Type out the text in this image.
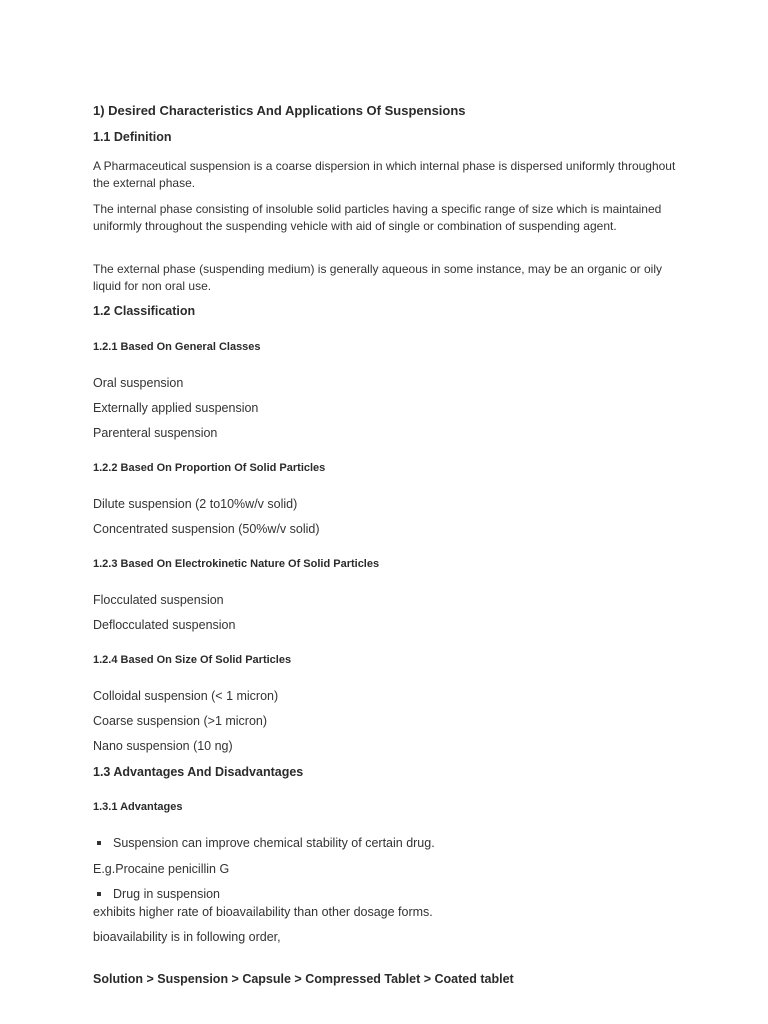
1) Desired Characteristics And Applications Of Suspensions
1.1 Definition

A Pharmaceutical suspension is a coarse dispersion in which internal phase is dispersed uniformly throughout the external phase.

The internal phase consisting of insoluble solid particles having a specific range of size which is maintained uniformly throughout the suspending vehicle with aid of single or combination of suspending agent.

The external phase (suspending medium) is generally aqueous in some instance, may be an organic or oily liquid for non oral use.

1.2 Classification
1.2.1 Based On General Classes
Oral suspension
Externally applied suspension
Parenteral suspension
1.2.2 Based On Proportion Of Solid Particles
Dilute suspension (2 to10%w/v solid)
Concentrated suspension (50%w/v solid)
1.2.3 Based On Electrokinetic Nature Of Solid Particles
Flocculated suspension
Deflocculated suspension
1.2.4 Based On Size Of Solid Particles
Colloidal suspension (< 1 micron)
Coarse suspension (>1 micron)
Nano suspension (10 ng)
1.3 Advantages And Disadvantages
1.3.1 Advantages
Suspension can improve chemical stability of certain drug.
E.g.Procaine penicillin G
Drug in suspension
exhibits higher rate of bioavailability than other dosage forms.
bioavailability is in following order,
Solution > Suspension > Capsule > Compressed Tablet > Coated tablet
